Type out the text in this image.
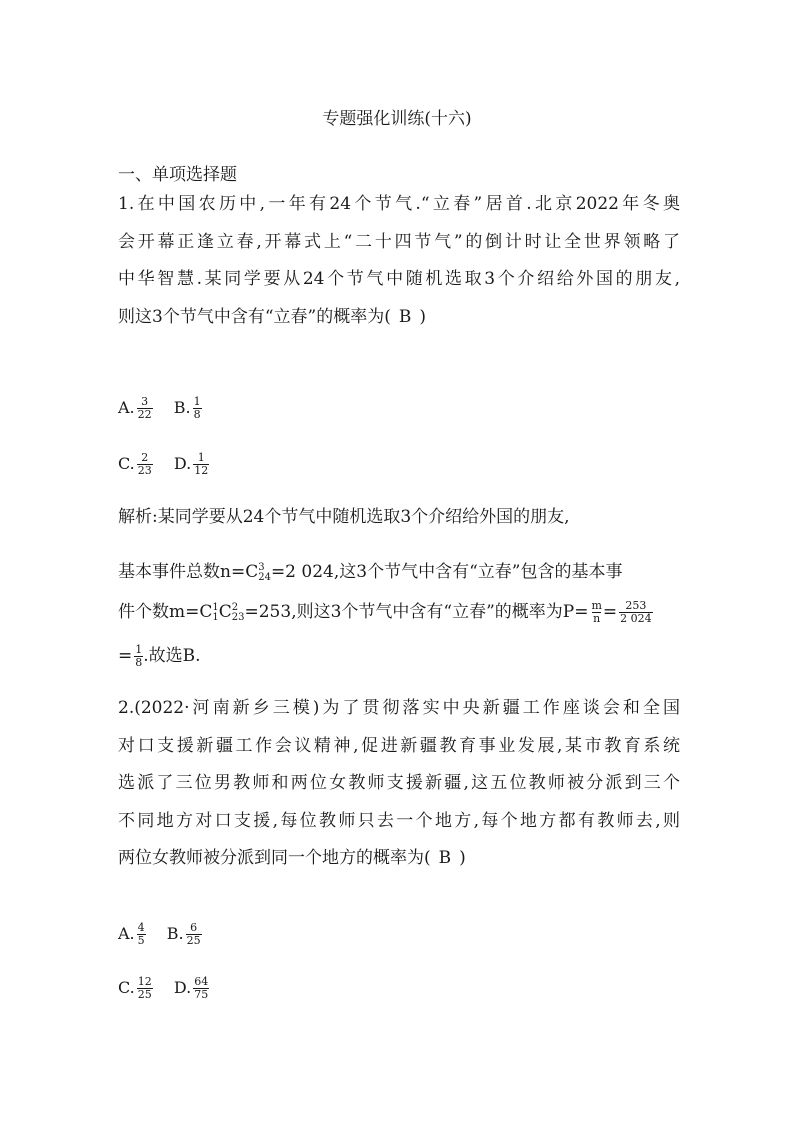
专题强化训练(十六)
一、单项选择题
1.在中国农历中,一年有24个节气.“立春”居首.北京2022年冬奥
会开幕正逢立春,开幕式上“二十四节气”的倒计时让全世界领略了
中华智慧.某同学要从24个节气中随机选取3个介绍给外国的朋友,
则这3个节气中含有“立春”的概率为( B )
A. $\frac{3}{22} B$. $\frac{1}{8}$
C. $\frac{2}{23} D$. $\frac{1}{12}$
解析:某同学要从24个节气中随机选取3个介绍给外国的朋友,
基本事件总数n=C 3
24 =2 024,这3个节气中含有“立春”包含的基本事
件个数m=C 1
1 C 2
23 =253,则这3个节气中含有“立春”的概率为$P= \frac{m}{n} = \frac{253}{2 024}$
= $\frac{1}{8}$ .故选B.
2.(2022·河南新乡三模)为了贯彻落实中央新疆工作座谈会和全国
对口支援新疆工作会议精神,促进新疆教育事业发展,某市教育系统
选派了三位男教师和两位女教师支援新疆,这五位教师被分派到三个
不同地方对口支援,每位教师只去一个地方,每个地方都有教师去,则
两位女教师被分派到同一个地方的概率为( B )
A. $\frac{4}{5} B$. $\frac{6}{25}$
C. $\frac{12}{25} D$. $\frac{64}{75}$
